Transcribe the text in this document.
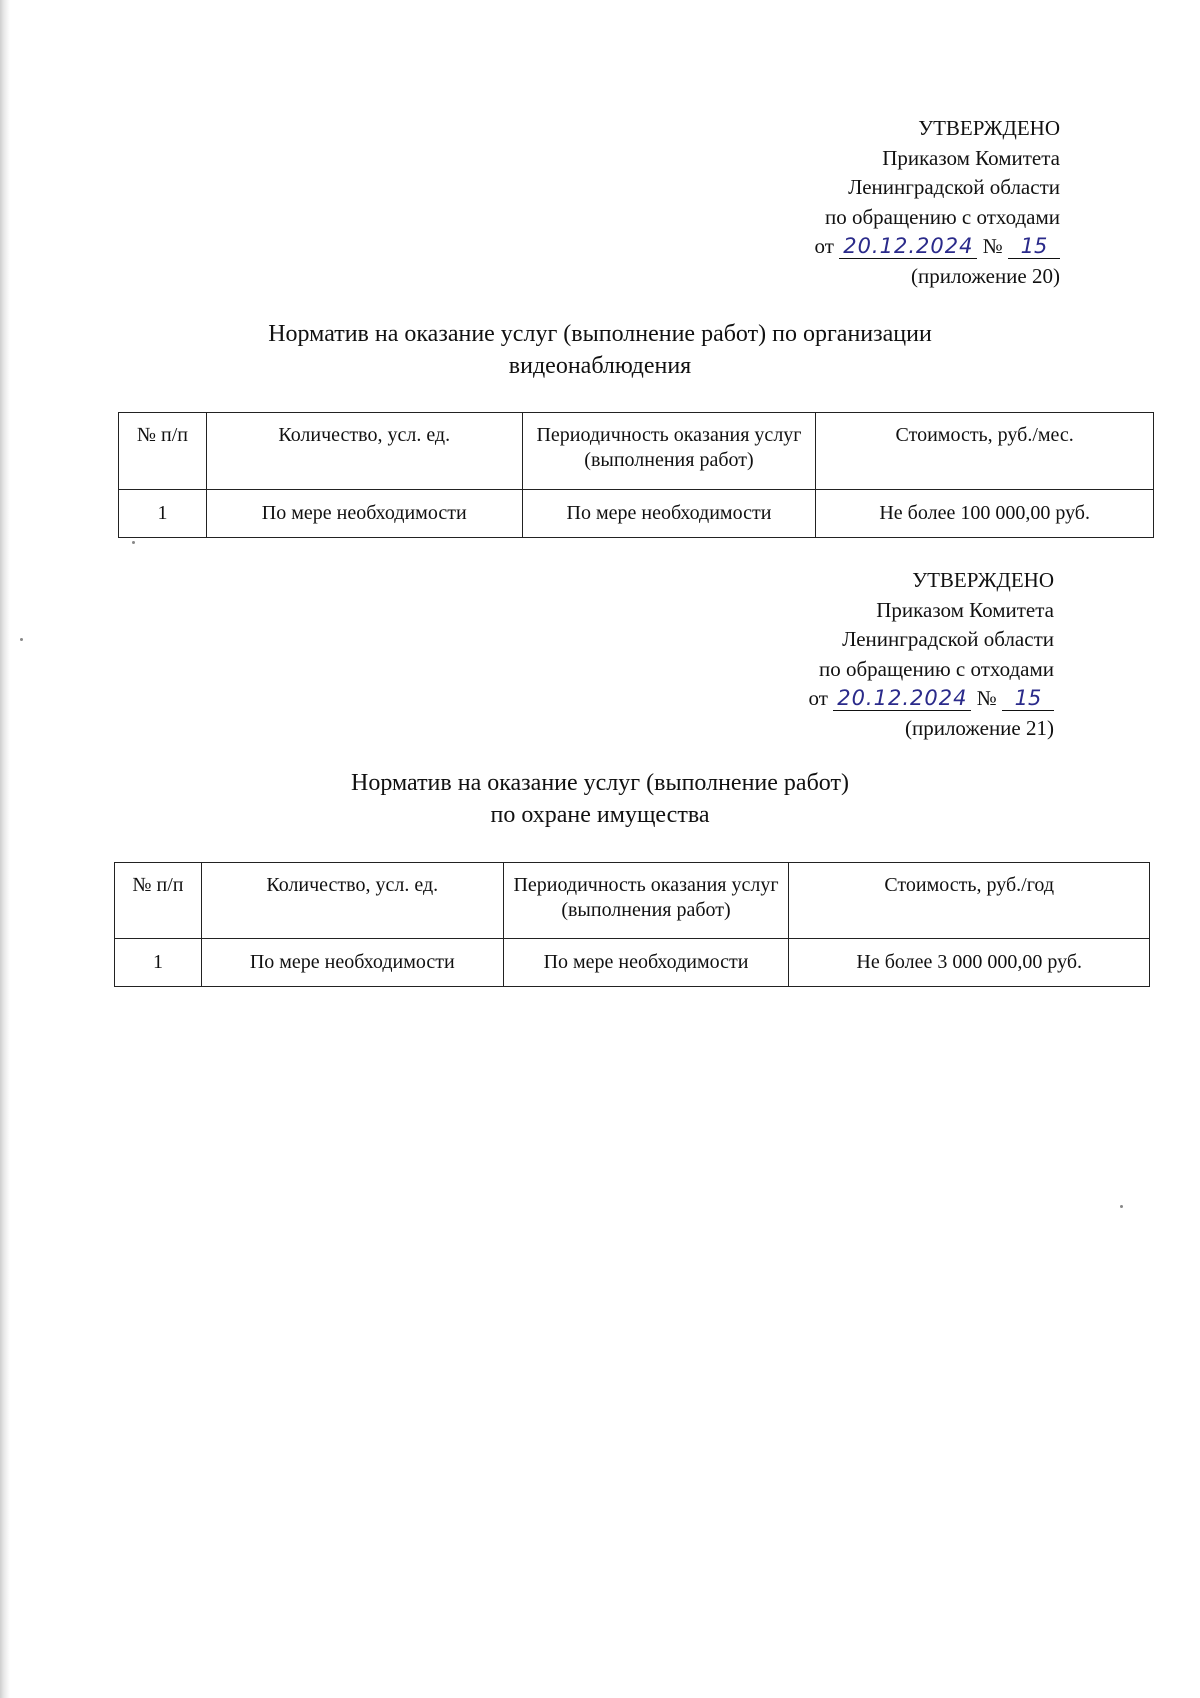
УТВЕРЖДЕНО
Приказом Комитета
Ленинградской области
по обращению с отходами
от 20.12.2024 № 15
(приложение 20)
Норматив на оказание услуг (выполнение работ) по организации
видеонаблюдения
№ п/п	Количество, усл. ед.	Периодичность оказания услуг (выполнения работ)	Стоимость, руб./мес.
1	По мере необходимости	По мере необходимости	Не более 100 000,00 руб.
УТВЕРЖДЕНО
Приказом Комитета
Ленинградской области
по обращению с отходами
от 20.12.2024 № 15
(приложение 21)
Норматив на оказание услуг (выполнение работ)
по охране имущества
№ п/п	Количество, усл. ед.	Периодичность оказания услуг (выполнения работ)	Стоимость, руб./год
1	По мере необходимости	По мере необходимости	Не более 3 000 000,00 руб.
